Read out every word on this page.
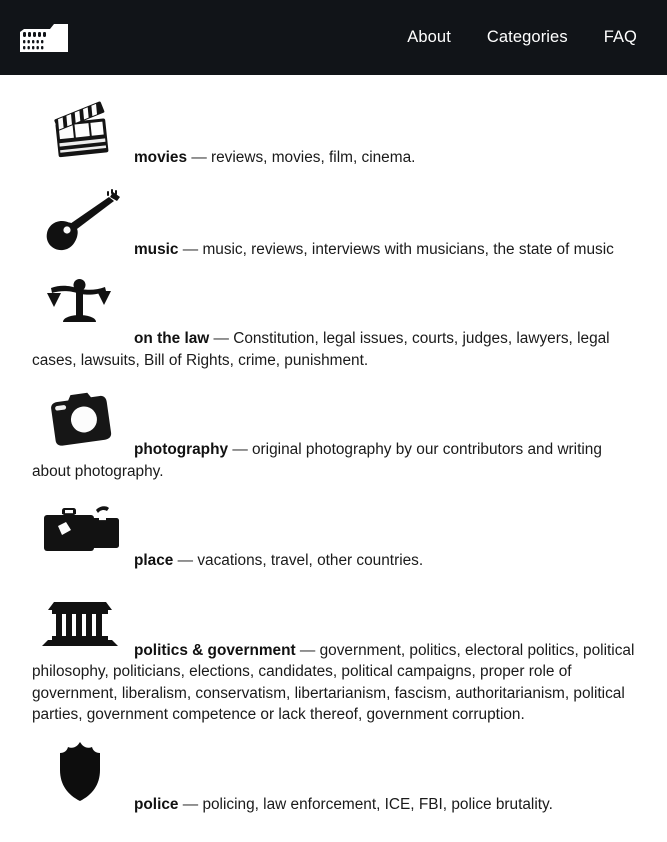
About Categories FAQ

movies — reviews, movies, film, cinema.

music — music, reviews, interviews with musicians, the state of music

on the law — Constitution, legal issues, courts, judges, lawyers, legal cases, lawsuits, Bill of Rights, crime, punishment.

photography — original photography by our contributors and writing about photography.

place — vacations, travel, other countries.

politics & government — government, politics, electoral politics, political philosophy, politicians, elections, candidates, political campaigns, proper role of government, liberalism, conservatism, libertarianism, fascism, authoritarianism, political parties, government competence or lack thereof, government corruption.

police — policing, law enforcement, ICE, FBI, police brutality.
